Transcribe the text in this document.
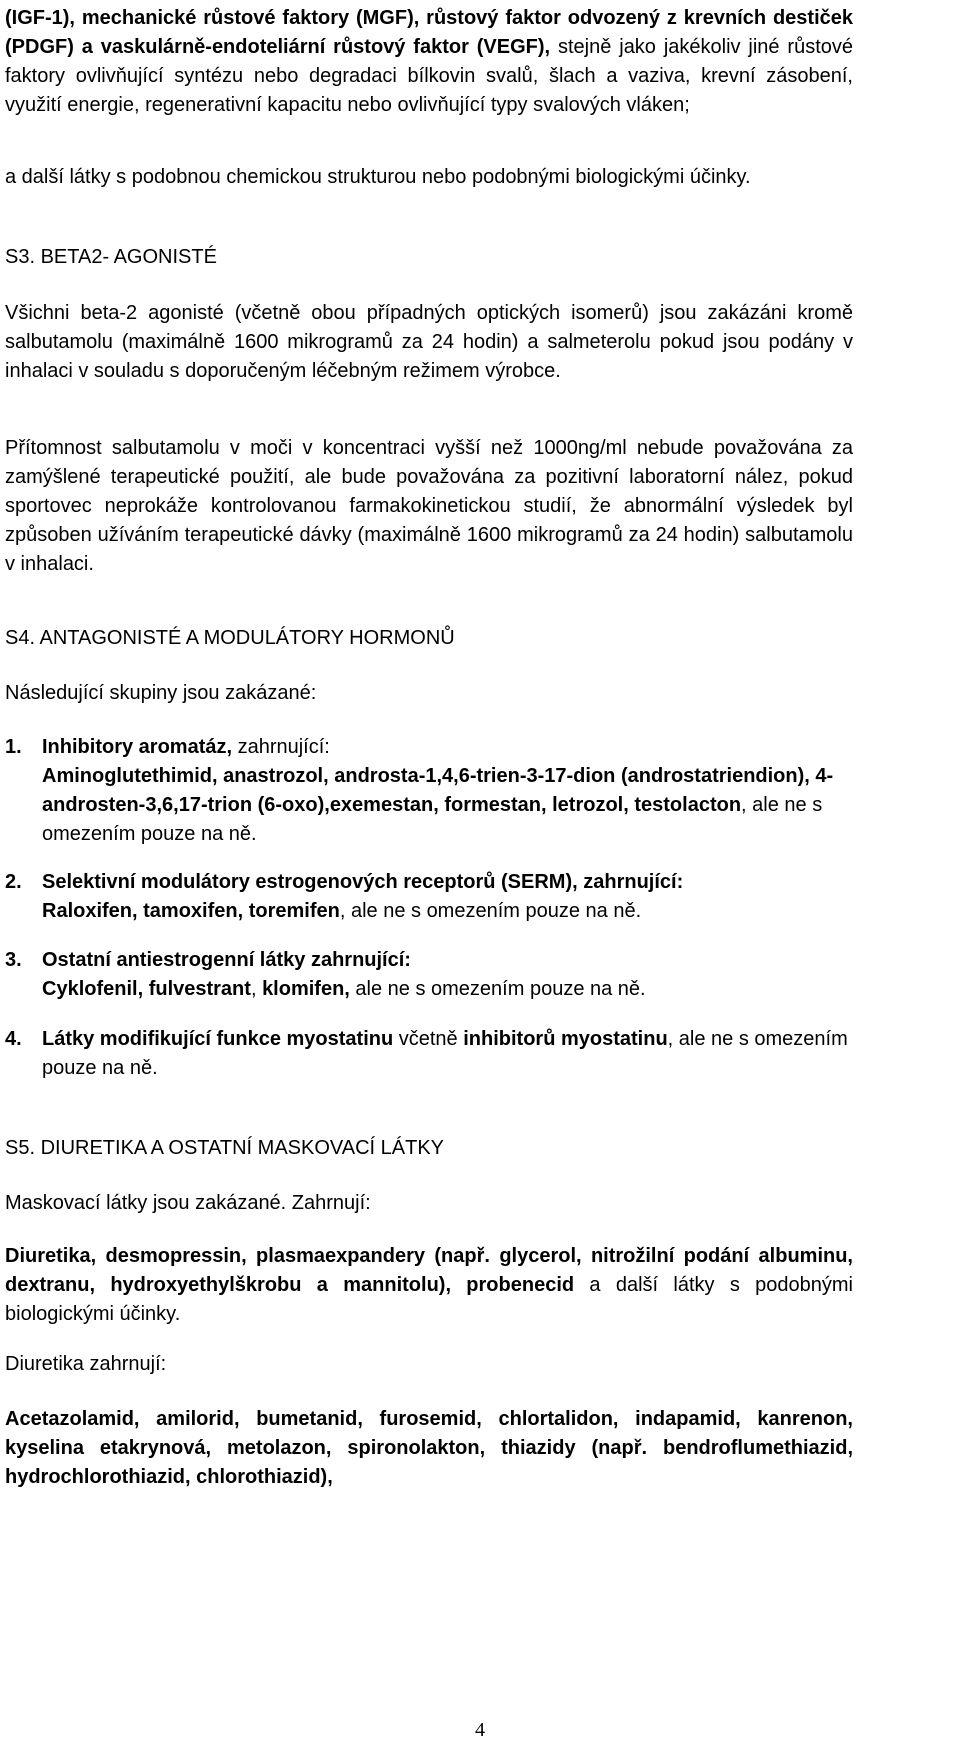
(IGF-1), mechanické růstové faktory (MGF), růstový faktor odvozený z krevních destiček (PDGF) a vaskulárně-endoteliární růstový faktor (VEGF), stejně jako jakékoliv jiné růstové faktory ovlivňující syntézu nebo degradaci bílkovin svalů, šlach a vaziva, krevní zásobení, využití energie, regenerativní kapacitu nebo ovlivňující typy svalových vláken;

a další látky s podobnou chemickou strukturou nebo podobnými biologickými účinky.

S3. BETA2- AGONISTÉ

Všichni beta-2 agonisté (včetně obou případných optických isomerů) jsou zakázáni kromě salbutamolu (maximálně 1600 mikrogramů za 24 hodin) a salmeterolu pokud jsou podány v inhalaci v souladu s doporučeným léčebným režimem výrobce.

Přítomnost salbutamolu v moči v koncentraci vyšší než 1000ng/ml nebude považována za zamýšlené terapeutické použití, ale bude považována za pozitivní laboratorní nález, pokud sportovec neprokáže kontrolovanou farmakokinetickou studií, že abnormální výsledek byl způsoben užíváním terapeutické dávky (maximálně 1600 mikrogramů za 24 hodin) salbutamolu v inhalaci.

S4. ANTAGONISTÉ A MODULÁTORY HORMONŮ

Následující skupiny jsou zakázané:

1. Inhibitory aromatáz, zahrnující:
Aminoglutethimid, anastrozol, androsta-1,4,6-trien-3-17-dion (androstatriendion), 4-androsten-3,6,17-trion (6-oxo),exemestan, formestan, letrozol, testolacton, ale ne s omezením pouze na ně.
2. Selektivní modulátory estrogenových receptorů (SERM), zahrnující:
Raloxifen, tamoxifen, toremifen, ale ne s omezením pouze na ně.
3. Ostatní antiestrogenní látky zahrnující:
Cyklofenil, fulvestrant, klomifen, ale ne s omezením pouze na ně.
4. Látky modifikující funkce myostatinu včetně inhibitorů myostatinu, ale ne s omezením pouze na ně.
S5. DIURETIKA A OSTATNÍ MASKOVACÍ LÁTKY

Maskovací látky jsou zakázané. Zahrnují:

Diuretika, desmopressin, plasmaexpandery (např. glycerol, nitrožilní podání albuminu, dextranu, hydroxyethylškrobu a mannitolu), probenecid a další látky s podobnými biologickými účinky.

Diuretika zahrnují:

Acetazolamid, amilorid, bumetanid, furosemid, chlortalidon, indapamid, kanrenon, kyselina etakrynová, metolazon, spironolakton, thiazidy (např. bendroflumethiazid, hydrochlorothiazid, chlorothiazid),

4
